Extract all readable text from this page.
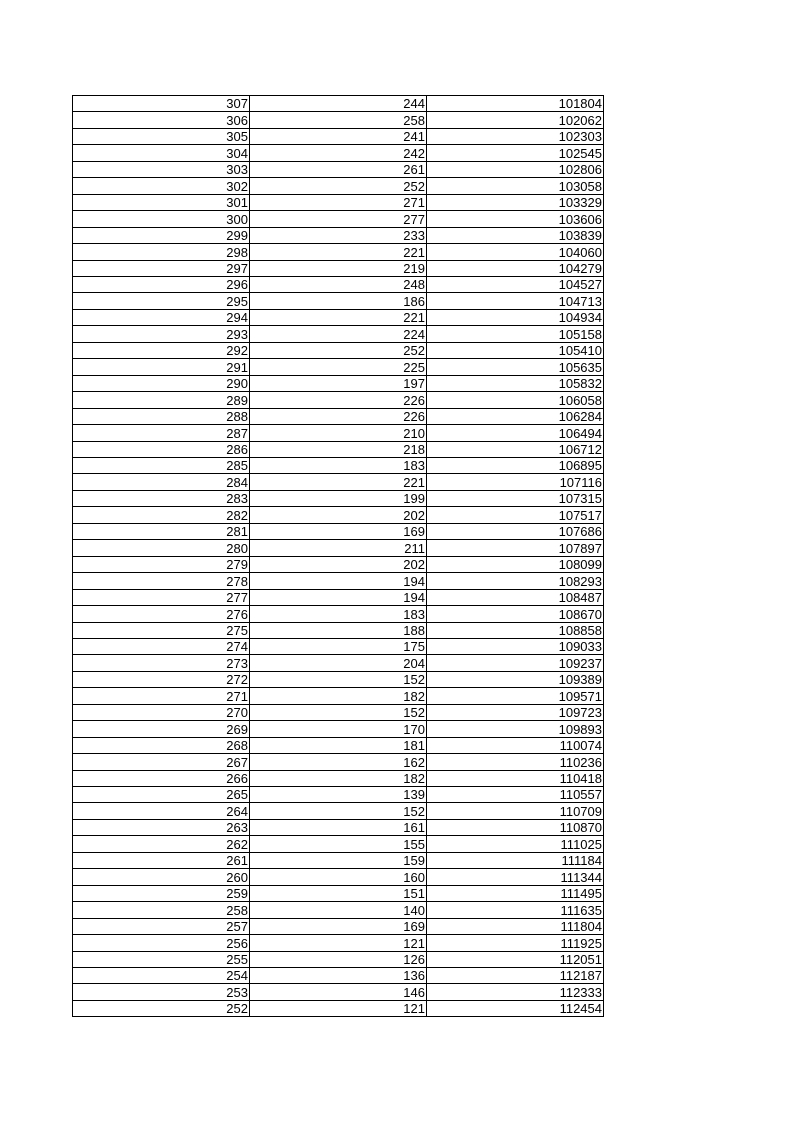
307	244	101804
306	258	102062
305	241	102303
304	242	102545
303	261	102806
302	252	103058
301	271	103329
300	277	103606
299	233	103839
298	221	104060
297	219	104279
296	248	104527
295	186	104713
294	221	104934
293	224	105158
292	252	105410
291	225	105635
290	197	105832
289	226	106058
288	226	106284
287	210	106494
286	218	106712
285	183	106895
284	221	107116
283	199	107315
282	202	107517
281	169	107686
280	211	107897
279	202	108099
278	194	108293
277	194	108487
276	183	108670
275	188	108858
274	175	109033
273	204	109237
272	152	109389
271	182	109571
270	152	109723
269	170	109893
268	181	110074
267	162	110236
266	182	110418
265	139	110557
264	152	110709
263	161	110870
262	155	111025
261	159	111184
260	160	111344
259	151	111495
258	140	111635
257	169	111804
256	121	111925
255	126	112051
254	136	112187
253	146	112333
252	121	112454
